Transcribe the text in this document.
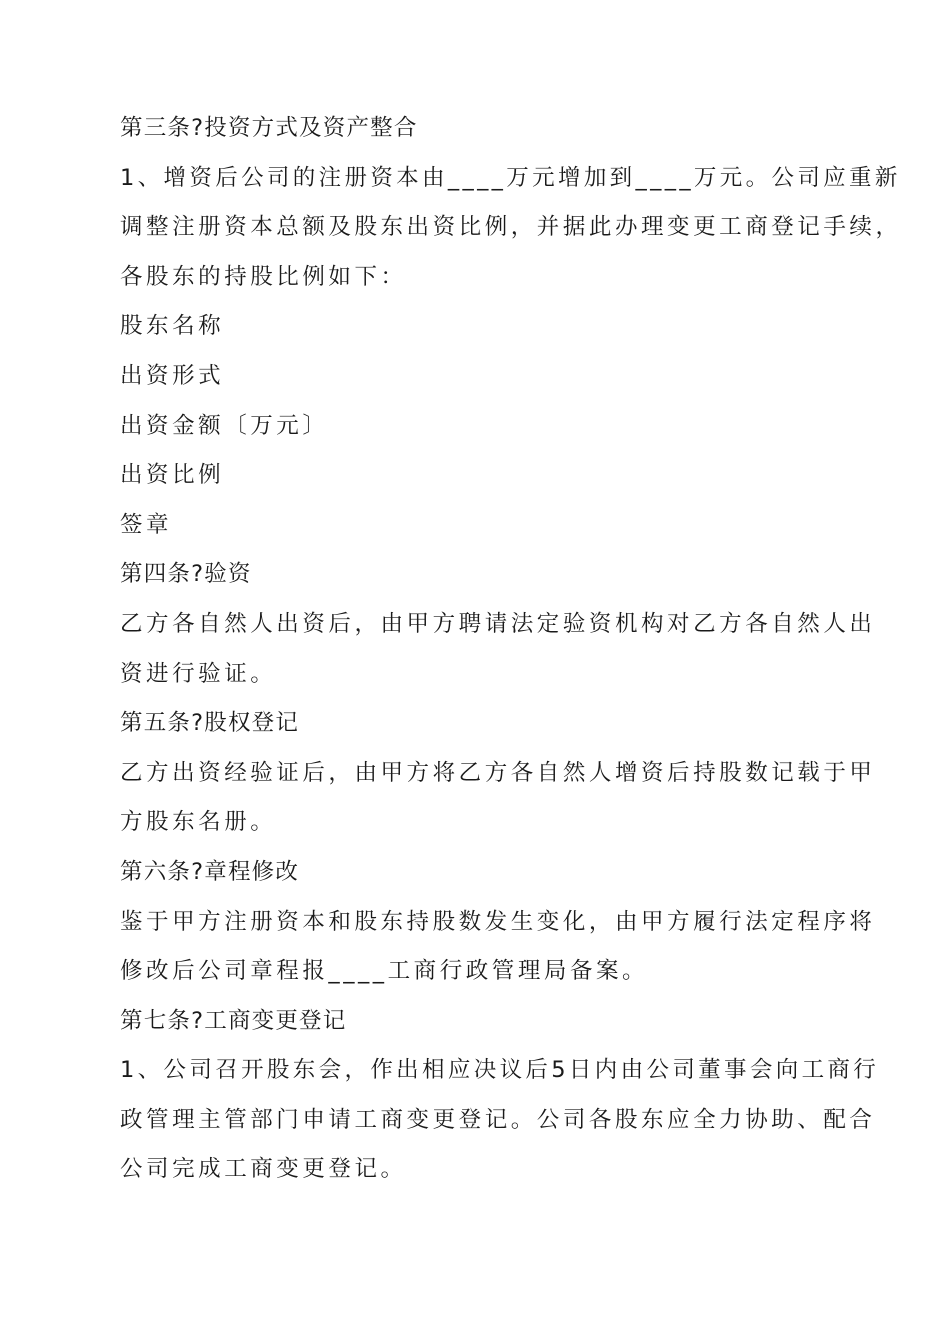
第三条?投资方式及资产整合
1、增资后公司的注册资本由____万元增加到____万元。公司应重新
调整注册资本总额及股东出资比例，并据此办理变更工商登记手续，
各股东的持股比例如下：
股东名称
出资形式
出资金额〔万元〕
出资比例
签章
第四条?验资
乙方各自然人出资后，由甲方聘请法定验资机构对乙方各自然人出
资进行验证。
第五条?股权登记
乙方出资经验证后，由甲方将乙方各自然人增资后持股数记载于甲
方股东名册。
第六条?章程修改
鉴于甲方注册资本和股东持股数发生变化，由甲方履行法定程序将
修改后公司章程报____工商行政管理局备案。
第七条?工商变更登记
1、公司召开股东会，作出相应决议后5日内由公司董事会向工商行
政管理主管部门申请工商变更登记。公司各股东应全力协助、配合
公司完成工商变更登记。
